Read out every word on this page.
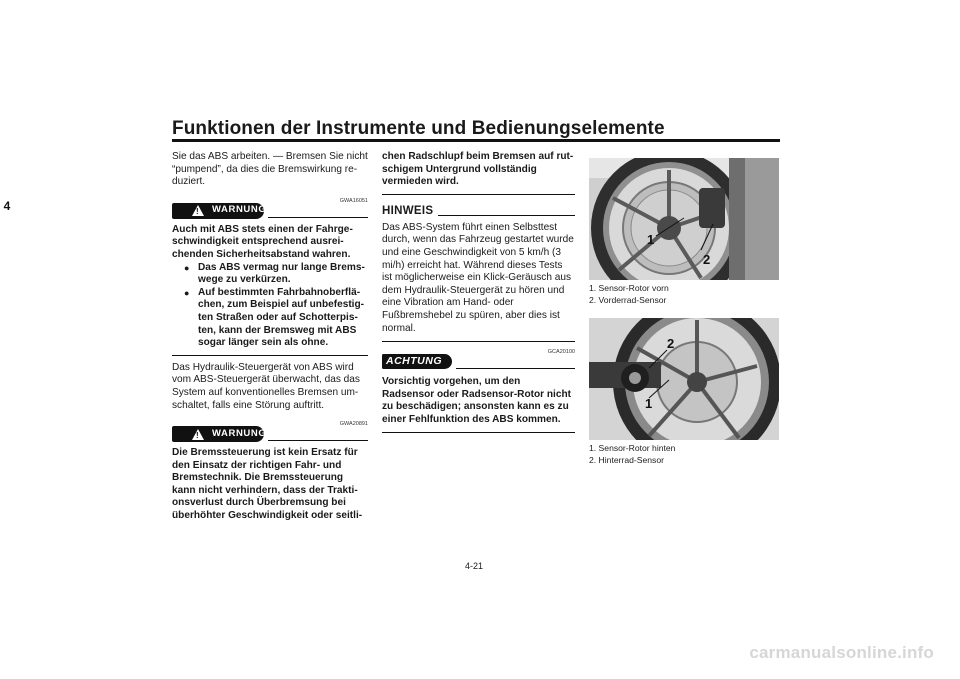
Funktionen der Instrumente und Bedienungselemente
4

Sie das ABS arbeiten. — Bremsen Sie nicht “pumpend”, da dies die Bremswirkung reduziert.

!
WARNUNG
GWA16051

Auch mit ABS stets einen der Fahrgeschwindigkeit entsprechend ausreichenden Sicherheitsabstand wahren.

● Das ABS vermag nur lange Bremswege zu verkürzen.

● Auf bestimmten Fahrbahnoberflächen, zum Beispiel auf unbefestigten Straßen oder auf Schotterpisten, kann der Bremsweg mit ABS sogar länger sein als ohne.

Das Hydraulik-Steuergerät von ABS wird vom ABS-Steuergerät überwacht, das das System auf konventionelles Bremsen umschaltet, falls eine Störung auftritt.

!
WARNUNG
GWA20891

Die Bremssteuerung ist kein Ersatz für den Einsatz der richtigen Fahr- und Bremstechnik. Die Bremssteuerung kann nicht verhindern, dass der Traktionsverlust durch Überbremsung bei überhöhter Geschwindigkeit oder seitli-

chen Radschlupf beim Bremsen auf rutschigem Untergrund vollständig vermieden wird.

HINWEIS

Das ABS-System führt einen Selbsttest durch, wenn das Fahrzeug gestartet wurde und eine Geschwindigkeit von 5 km/h (3 mi/h) erreicht hat. Während dieses Tests ist möglicherweise ein Klick-Geräusch aus dem Hydraulik-Steuergerät zu hören und eine Vibration am Hand- oder Fußbremshebel zu spüren, aber dies ist normal.

ACHTUNG
GCA20100

Vorsichtig vorgehen, um den Radsensor oder Radsensor-Rotor nicht zu beschädigen; ansonsten kann es zu einer Fehlfunktion des ABS kommen.

1
2
1. Sensor-Rotor vorn
2. Vorderrad-Sensor
2
1
1. Sensor-Rotor hinten
2. Hinterrad-Sensor
4-21
carmanualsonline.info
